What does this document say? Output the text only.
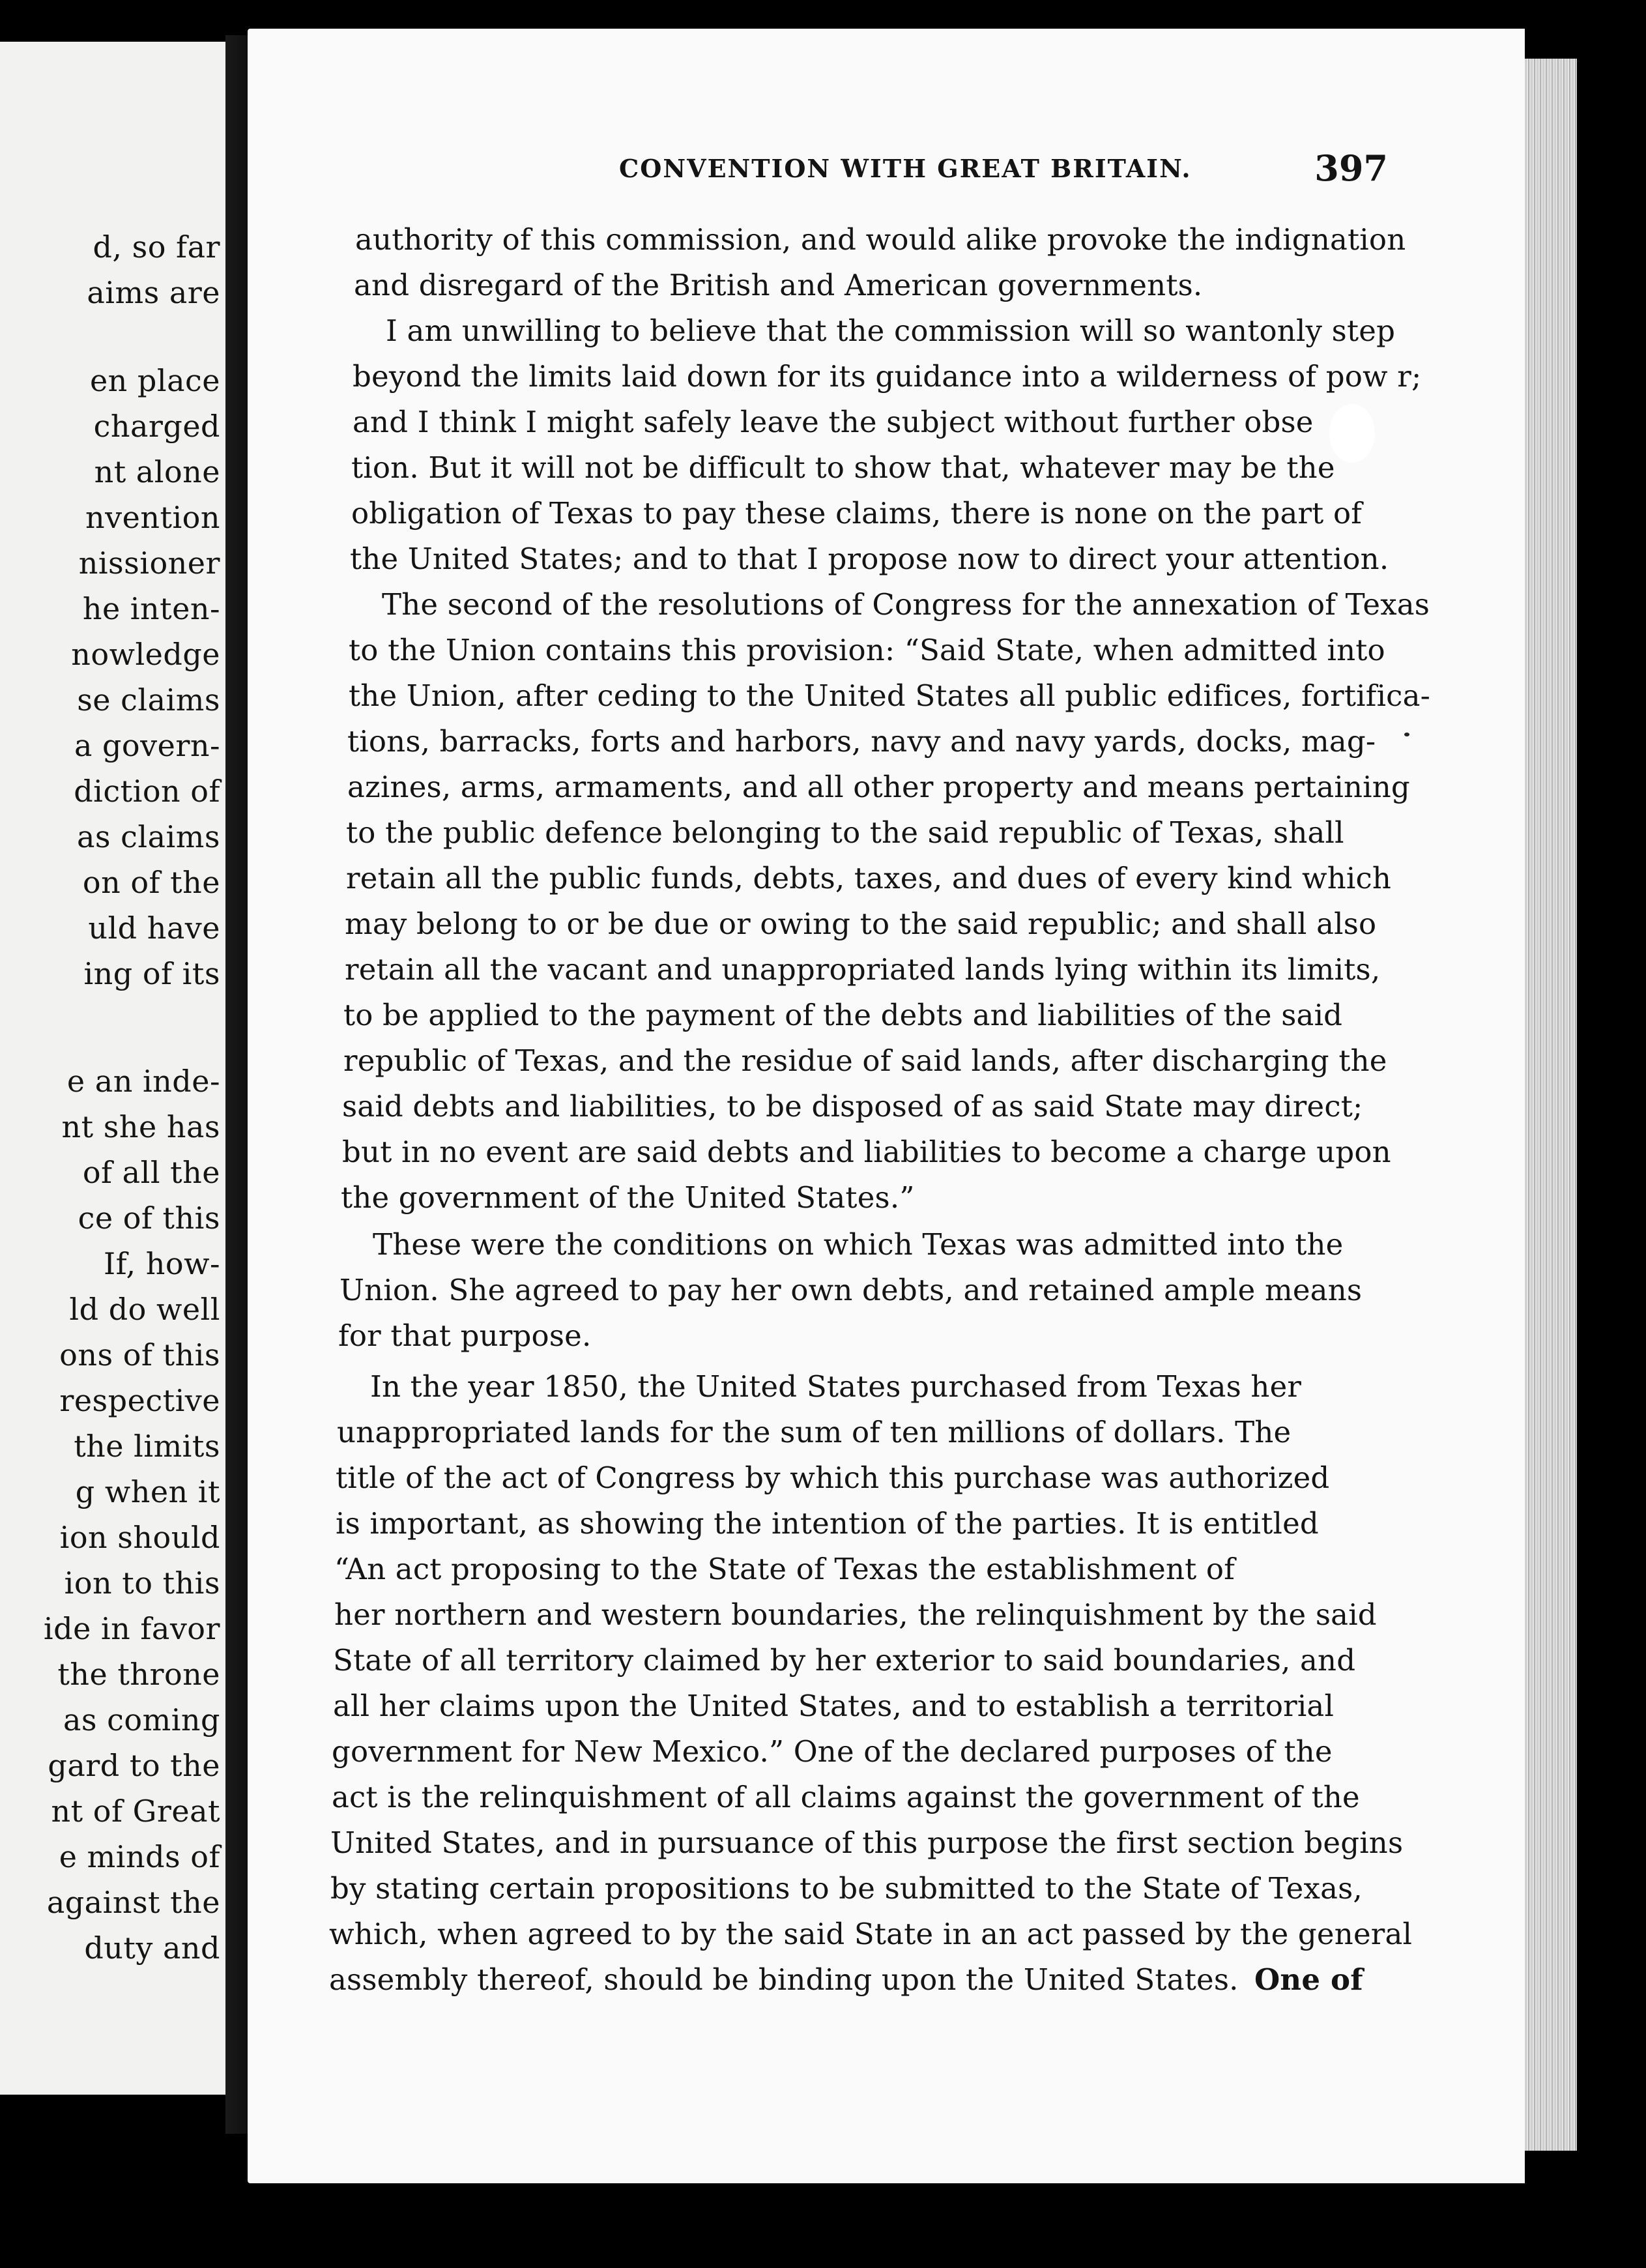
d, so far
aims are
en place
charged
nt alone
nvention
nissioner
he inten-
nowledge
se claims
a govern-
diction of
as claims
on of the
uld have
ing of its
e an inde-
nt she has
of all the
ce of this
If, how-
ld do well
ons of this
respective
the limits
g when it
ion should
ion to this
ide in favor
the throne
as coming
gard to the
nt of Great
e minds of
against the
duty and
CONVENTION WITH GREAT BRITAIN.	397
authority of this commission, and would alike provoke the indignation
and disregard of the British and American governments.
I am unwilling to believe that the commission will so wantonly step
beyond the limits laid down for its guidance into a wilderness of pow r;
and I think I might safely leave the subject without further obse
tion. But it will not be difficult to show that, whatever may be the
obligation of Texas to pay these claims, there is none on the part of
the United States; and to that I propose now to direct your attention.
The second of the resolutions of Congress for the annexation of Texas
to the Union contains this provision: “Said State, when admitted into
the Union, after ceding to the United States all public edifices, fortifica-
tions, barracks, forts and harbors, navy and navy yards, docks, mag-
azines, arms, armaments, and all other property and means pertaining
to the public defence belonging to the said republic of Texas, shall
retain all the public funds, debts, taxes, and dues of every kind which
may belong to or be due or owing to the said republic; and shall also
retain all the vacant and unappropriated lands lying within its limits,
to be applied to the payment of the debts and liabilities of the said
republic of Texas, and the residue of said lands, after discharging the
said debts and liabilities, to be disposed of as said State may direct;
but in no event are said debts and liabilities to become a charge upon
the government of the United States.”
These were the conditions on which Texas was admitted into the
Union. She agreed to pay her own debts, and retained ample means
for that purpose.
In the year 1850, the United States purchased from Texas her
unappropriated lands for the sum of ten millions of dollars. The
title of the act of Congress by which this purchase was authorized
is important, as showing the intention of the parties. It is entitled
“An act proposing to the State of Texas the establishment of
her northern and western boundaries, the relinquishment by the said
State of all territory claimed by her exterior to said boundaries, and
all her claims upon the United States, and to establish a territorial
government for New Mexico.” One of the declared purposes of the
act is the relinquishment of all claims against the government of the
United States, and in pursuance of this purpose the first section begins
by stating certain propositions to be submitted to the State of Texas,
which, when agreed to by the said State in an act passed by the general
assembly thereof, should be binding upon the United States. One of
